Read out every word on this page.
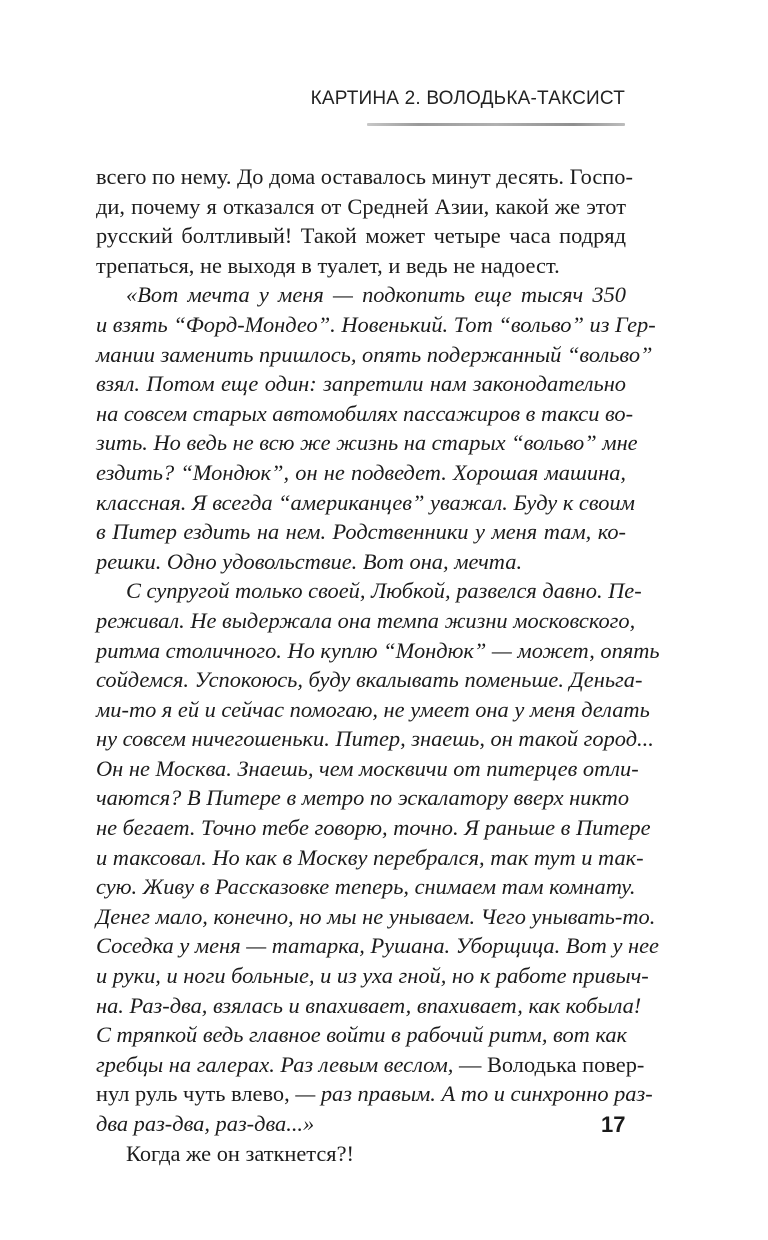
КАРТИНА 2. ВОЛОДЬКА-ТАКСИСТ
всего по нему. До дома оставалось минут десять. Госпо-
ди, почему я отказался от Средней Азии, какой же этот
русский болтливый! Такой может четыре часа подряд
трепаться, не выходя в туалет, и ведь не надоест.
«Вот мечта у меня — подкопить еще тысяч 350
и взять “Форд-Мондео”. Новенький. Тот “вольво” из Гер-
мании заменить пришлось, опять подержанный “вольво”
взял. Потом еще один: запретили нам законодательно
на совсем старых автомобилях пассажиров в такси во-
зить. Но ведь не всю же жизнь на старых “вольво” мне
ездить? “Мондюк”, он не подведет. Хорошая машина,
классная. Я всегда “американцев” уважал. Буду к своим
в Питер ездить на нем. Родственники у меня там, ко-
решки. Одно удовольствие. Вот она, мечта.
С супругой только своей, Любкой, развелся давно. Пе-
реживал. Не выдержала она темпа жизни московского,
ритма столичного. Но куплю “Мондюк” — может, опять
сойдемся. Успокоюсь, буду вкалывать поменьше. Деньга-
ми-то я ей и сейчас помогаю, не умеет она у меня делать
ну совсем ничегошеньки. Питер, знаешь, он такой город...
Он не Москва. Знаешь, чем москвичи от питерцев отли-
чаются? В Питере в метро по эскалатору вверх никто
не бегает. Точно тебе говорю, точно. Я раньше в Питере
и таксовал. Но как в Москву перебрался, так тут и так-
сую. Живу в Рассказовке теперь, снимаем там комнату.
Денег мало, конечно, но мы не унываем. Чего унывать-то.
Соседка у меня — татарка, Рушана. Уборщица. Вот у нее
и руки, и ноги больные, и из уха гной, но к работе привыч-
на. Раз-два, взялась и впахивает, впахивает, как кобыла!
С тряпкой ведь главное войти в рабочий ритм, вот как
гребцы на галерах. Раз левым веслом, — Володька повер-
нул руль чуть влево, — раз правым. А то и синхронно раз-
два раз-два, раз-два...»
Когда же он заткнется?!
17
